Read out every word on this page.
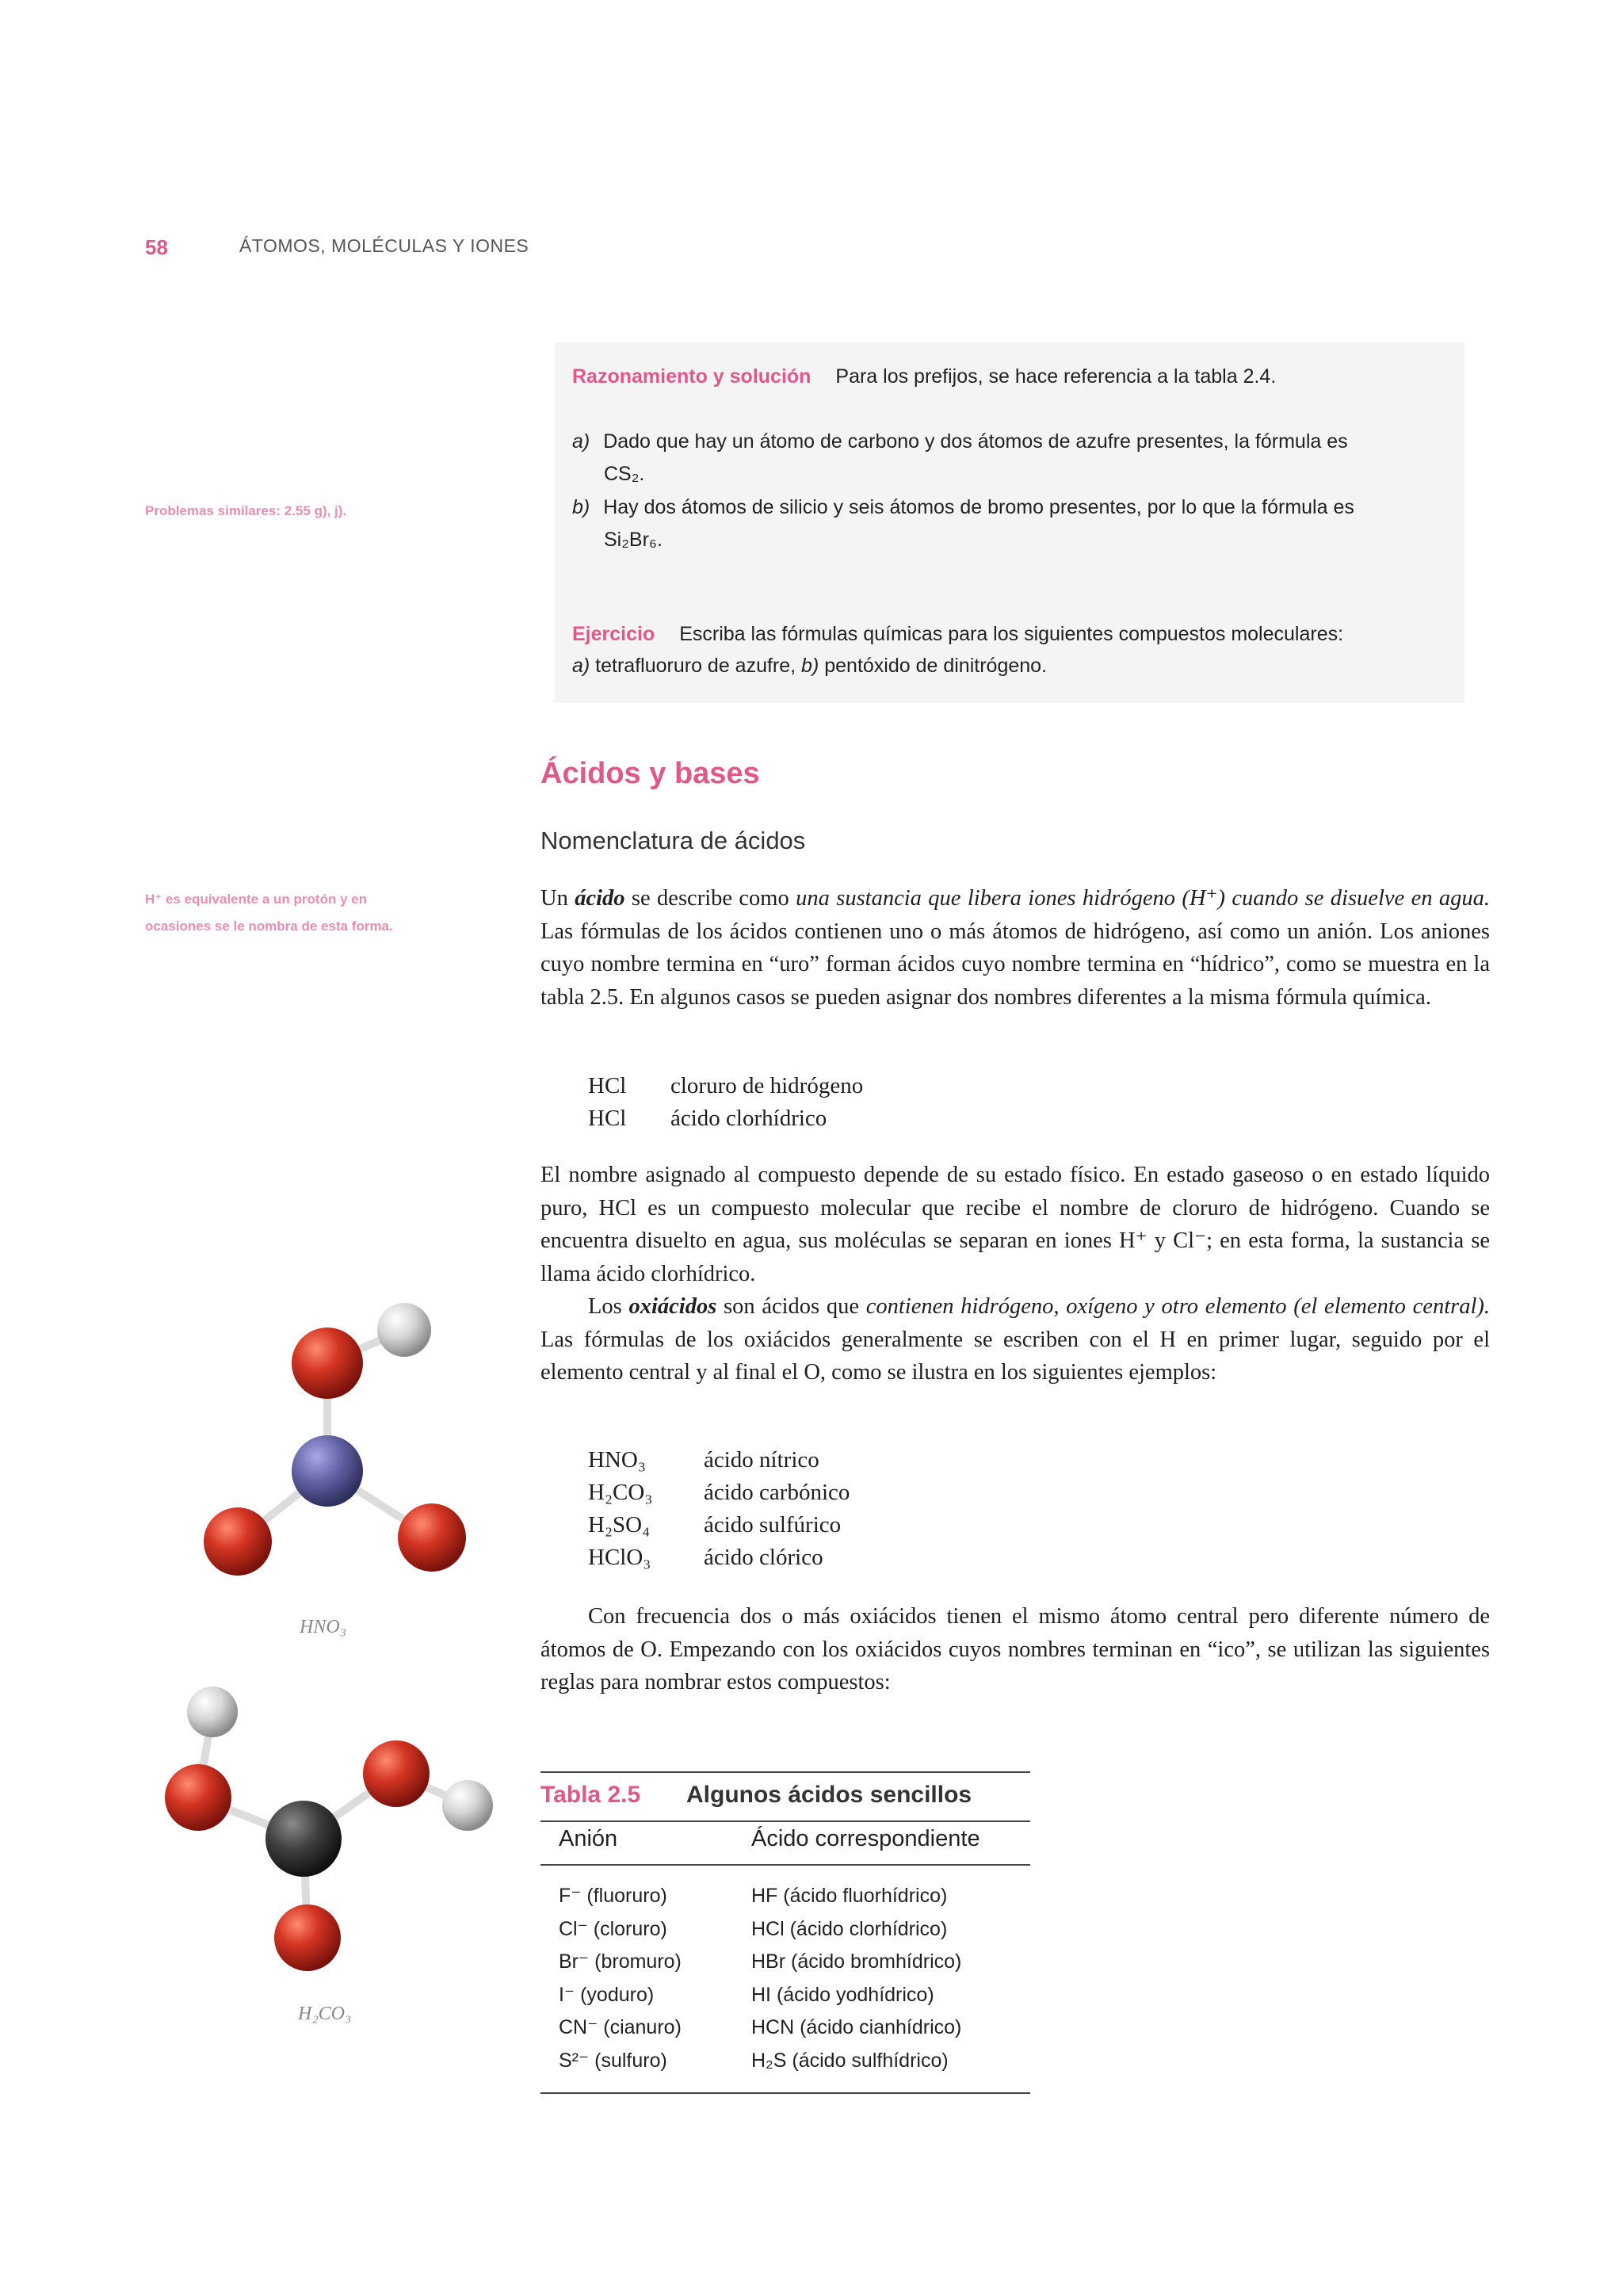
58	ÁTOMOS, MOLÉCULAS Y IONES
Problemas similares: 2.55 g), j).
H⁺ es equivalente a un protón y en
ocasiones se le nombra de esta forma.
Razonamiento y solución Para los prefijos, se hace referencia a la tabla 2.4.
a) Dado que hay un átomo de carbono y dos átomos de azufre presentes, la fórmula es
CS₂.
b) Hay dos átomos de silicio y seis átomos de bromo presentes, por lo que la fórmula es
Si₂Br₆.
Ejercicio Escriba las fórmulas químicas para los siguientes compuestos moleculares:
a) tetrafluoruro de azufre, b) pentóxido de dinitrógeno.
Ácidos y bases
Nomenclatura de ácidos
Un ácido se describe como una sustancia que libera iones hidrógeno (H⁺) cuando se disuelve en agua. Las fórmulas de los ácidos contienen uno o más átomos de hidrógeno, así como un anión. Los aniones cuyo nombre termina en “uro” forman ácidos cuyo nombre termina en “hídrico”, como se muestra en la tabla 2.5. En algunos casos se pueden asignar dos nombres diferentes a la misma fórmula química.
HCl	cloruro de hidrógeno
HCl	ácido clorhídrico
El nombre asignado al compuesto depende de su estado físico. En estado gaseoso o en estado líquido puro, HCl es un compuesto molecular que recibe el nombre de cloruro de hidrógeno. Cuando se encuentra disuelto en agua, sus moléculas se separan en iones H⁺ y Cl⁻; en esta forma, la sustancia se llama ácido clorhídrico.
Los oxiácidos son ácidos que contienen hidrógeno, oxígeno y otro elemento (el elemento central). Las fórmulas de los oxiácidos generalmente se escriben con el H en primer lugar, seguido por el elemento central y al final el O, como se ilustra en los siguientes ejemplos:
HNO₃	ácido nítrico
H₂CO₃	ácido carbónico
H₂SO₄	ácido sulfúrico
HClO₃	ácido clórico
Con frecuencia dos o más oxiácidos tienen el mismo átomo central pero diferente número de átomos de O. Empezando con los oxiácidos cuyos nombres terminan en “ico”, se utilizan las siguientes reglas para nombrar estos compuestos:
HNO₃
H₂CO₃
Tabla 2.5 Algunos ácidos sencillos
Anión	Ácido correspondiente
F⁻ (fluoruro)	HF (ácido fluorhídrico)
Cl⁻ (cloruro)	HCl (ácido clorhídrico)
Br⁻ (bromuro)	HBr (ácido bromhídrico)
I⁻ (yoduro)	HI (ácido yodhídrico)
CN⁻ (cianuro)	HCN (ácido cianhídrico)
S²⁻ (sulfuro)	H₂S (ácido sulfhídrico)
